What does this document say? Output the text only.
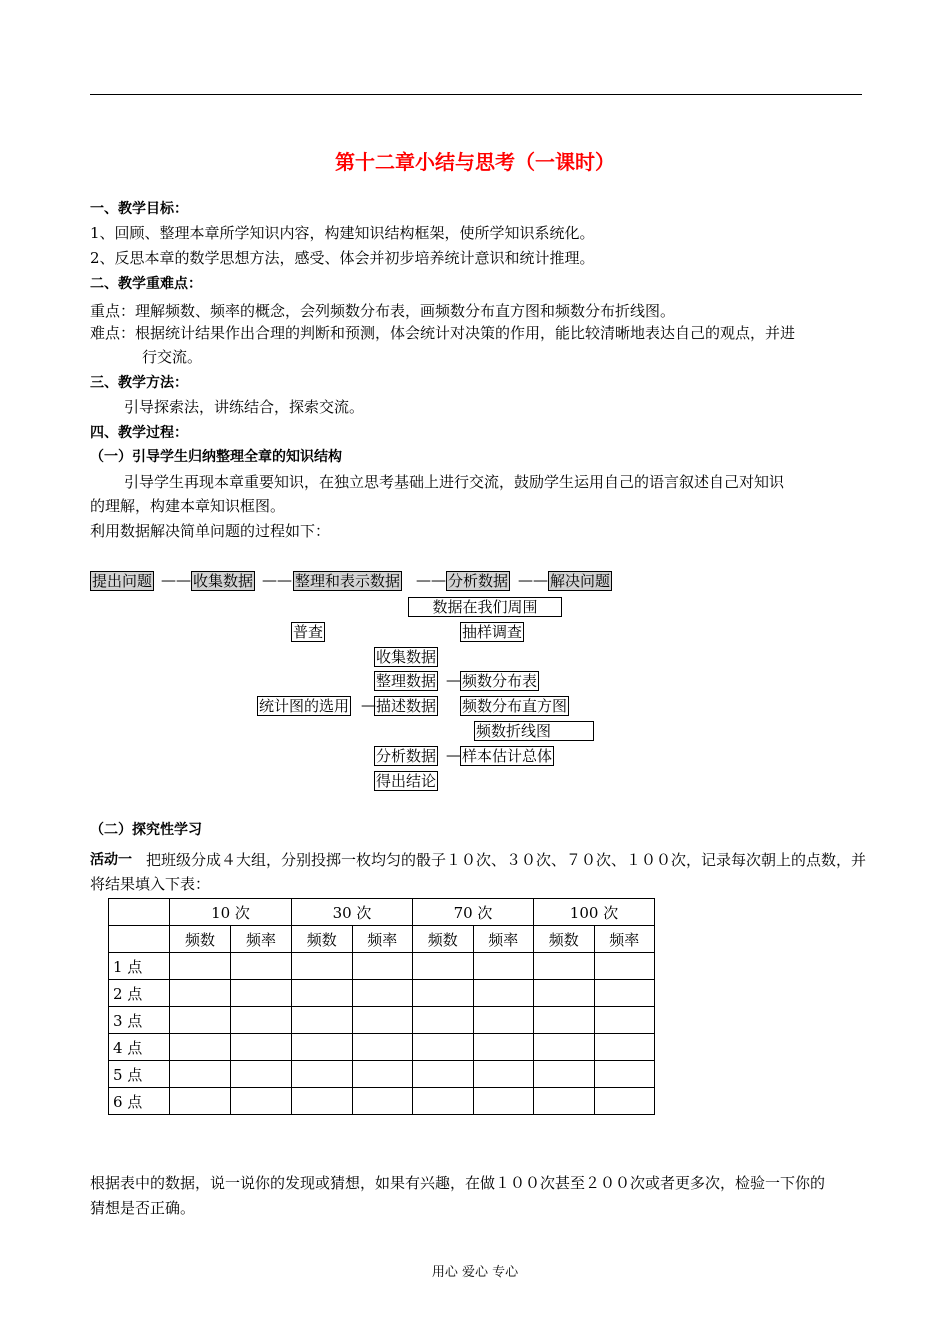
第十二章小结与思考（一课时）
一、教学目标：
1、回顾、整理本章所学知识内容，构建知识结构框架，使所学知识系统化。
2、反思本章的数学思想方法，感受、体会并初步培养统计意识和统计推理。
二、教学重难点：
重点：理解频数、频率的概念，会列频数分布表，画频数分布直方图和频数分布折线图。
难点：根据统计结果作出合理的判断和预测，体会统计对决策的作用，能比较清晰地表达自己的观点，并进
行交流。
三、教学方法：
引导探索法，讲练结合，探索交流。
四、教学过程：
（一）引导学生归纳整理全章的知识结构
引导学生再现本章重要知识，在独立思考基础上进行交流，鼓励学生运用自己的语言叙述自己对知识
的理解，构建本章知识框图。
利用数据解决简单问题的过程如下：
提出问题 —— 收集数据 —— 整理和表示数据 —— 分析数据 —— 解决问题
数据在我们周围
普查	抽样调查
收集数据
整理数据 — 频数分布表
统计图的选用 — 描述数据 频数分布直方图
频数折线图
分析数据 — 样本估计总体
得出结论
（二）探究性学习
活动一 把班级分成４大组，分别投掷一枚均匀的骰子１０次、３０次、７０次、１００次，记录每次朝上的点数，并
将结果填入下表：
	10 次		30 次		70 次		100 次	
	频数	频率	频数	频率	频数	频率	频数	频率
1 点								
2 点								
3 点								
4 点								
5 点								
6 点								
根据表中的数据，说一说你的发现或猜想，如果有兴趣，在做１００次甚至２００次或者更多次，检验一下你的
猜想是否正确。
用心 爱心 专心
